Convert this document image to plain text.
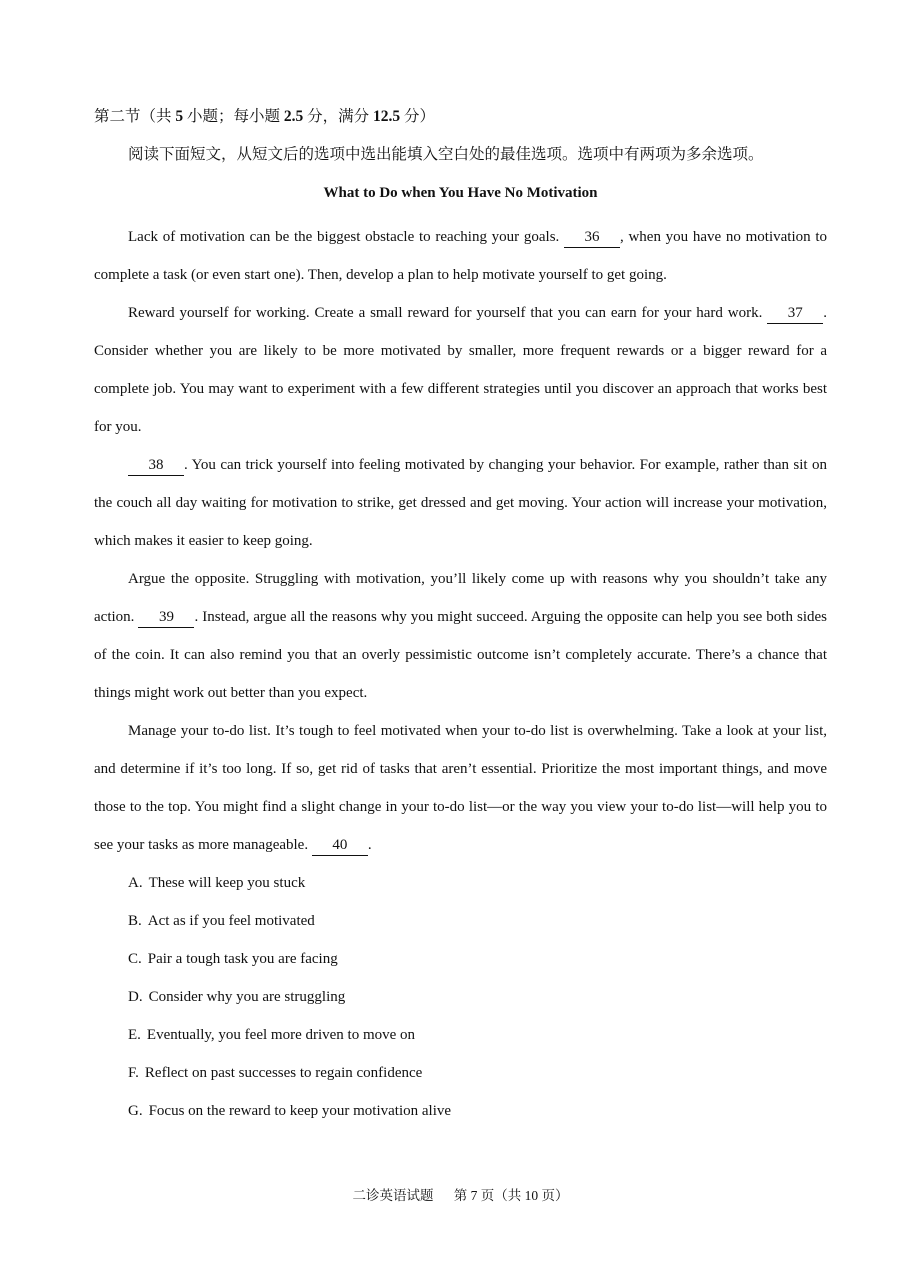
第二节（共 5 小题；每小题 2.5 分，满分 12.5 分）
阅读下面短文，从短文后的选项中选出能填入空白处的最佳选项。选项中有两项为多余选项。
What to Do when You Have No Motivation

Lack of motivation can be the biggest obstacle to reaching your goals. 36 , when you have no motivation to complete a task (or even start one). Then, develop a plan to help motivate yourself to get going.

Reward yourself for working. Create a small reward for yourself that you can earn for your hard work. 37 . Consider whether you are likely to be more motivated by smaller, more frequent rewards or a bigger reward for a complete job. You may want to experiment with a few different strategies until you discover an approach that works best for you.

38 . You can trick yourself into feeling motivated by changing your behavior. For example, rather than sit on the couch all day waiting for motivation to strike, get dressed and get moving. Your action will increase your motivation, which makes it easier to keep going.

Argue the opposite. Struggling with motivation, you’ll likely come up with reasons why you shouldn’t take any action. 39 . Instead, argue all the reasons why you might succeed. Arguing the opposite can help you see both sides of the coin. It can also remind you that an overly pessimistic outcome isn’t completely accurate. There’s a chance that things might work out better than you expect.

Manage your to-do list. It’s tough to feel motivated when your to-do list is overwhelming. Take a look at your list, and determine if it’s too long. If so, get rid of tasks that aren’t essential. Prioritize the most important things, and move those to the top. You might find a slight change in your to-do list—or the way you view your to-do list—will help you to see your tasks as more manageable. 40 .

A. These will keep you stuck
B. Act as if you feel motivated
C. Pair a tough task you are facing
D. Consider why you are struggling
E. Eventually, you feel more driven to move on
F. Reflect on past successes to regain confidence
G. Focus on the reward to keep your motivation alive
二诊英语试题      第 7 页（共 10 页）
